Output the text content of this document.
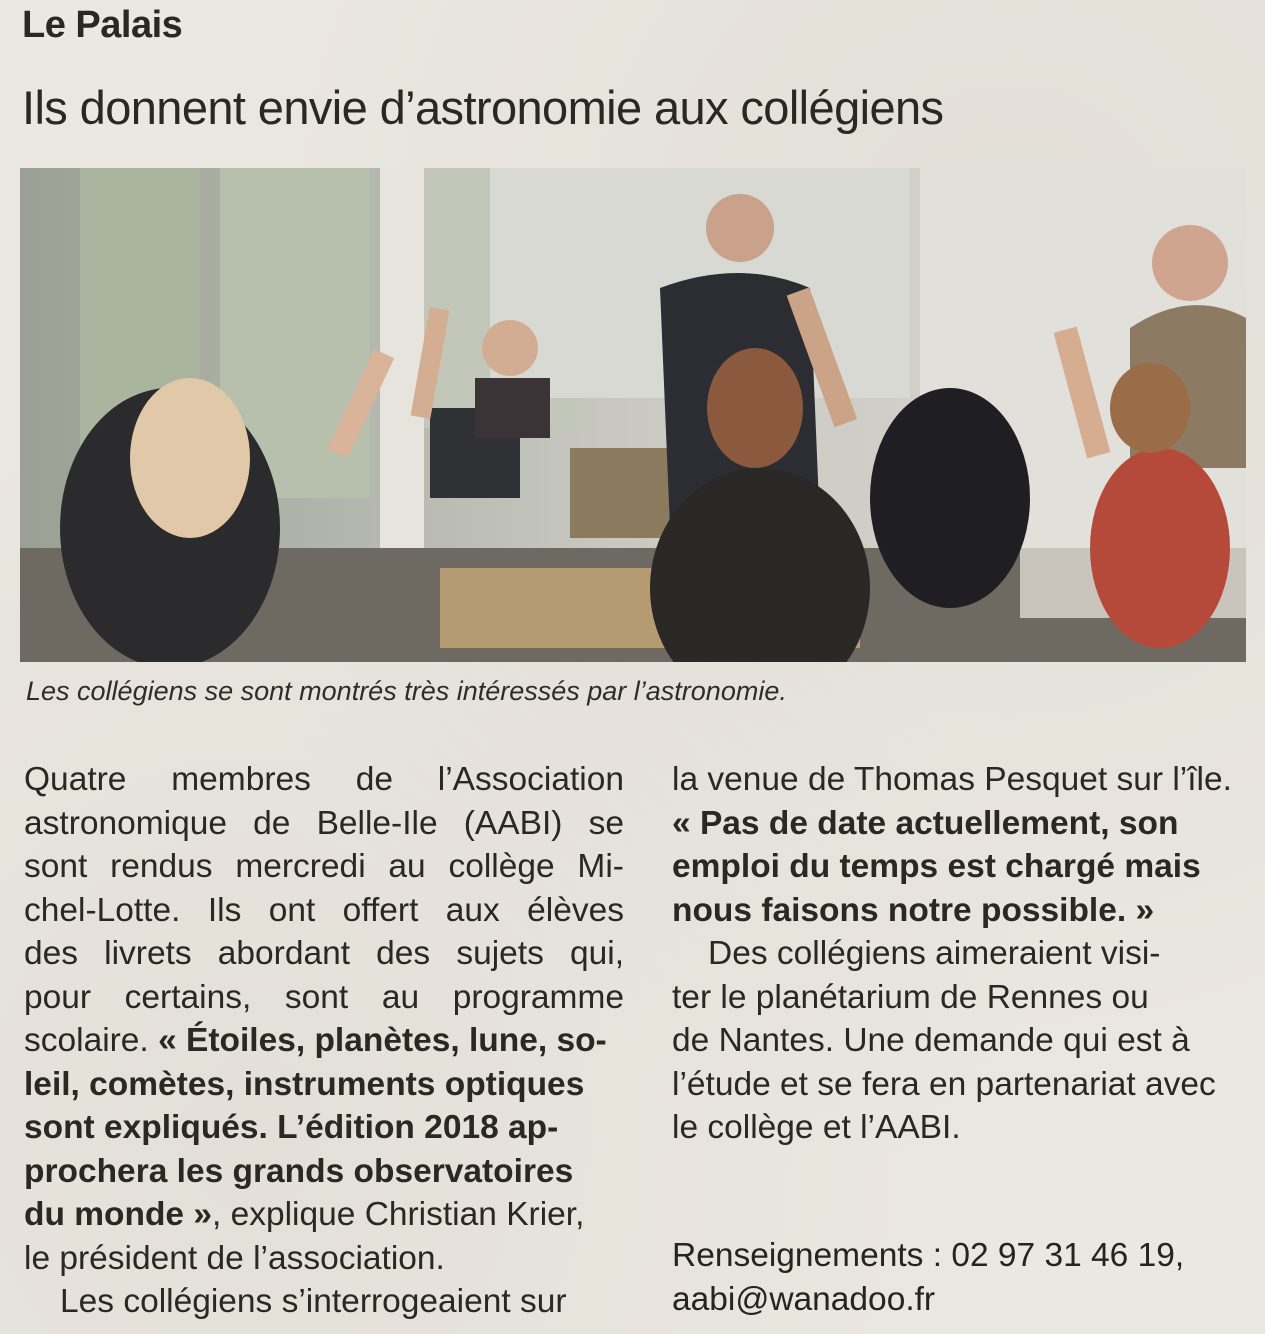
Le Palais
Ils donnent envie d’astronomie aux collégiens
Les collégiens se sont montrés très intéressés par l’astronomie.
Quatre membres de l’Association
astronomique de Belle-Ile (AABI) se
sont rendus mercredi au collège Mi-
chel-Lotte. Ils ont offert aux élèves
des livrets abordant des sujets qui,
pour certains, sont au programme
scolaire. « Étoiles, planètes, lune, so-
leil, comètes, instruments optiques
sont expliqués. L’édition 2018 ap-
prochera les grands observatoires
du monde », explique Christian Krier,
le président de l’association.
Les collégiens s’interrogeaient sur
la venue de Thomas Pesquet sur l’île.
« Pas de date actuellement, son
emploi du temps est chargé mais
nous faisons notre possible. »
Des collégiens aimeraient visi-
ter le planétarium de Rennes ou
de Nantes. Une demande qui est à
l’étude et se fera en partenariat avec
le collège et l’AABI.
Renseignements : 02 97 31 46 19,
aabi@wanadoo.fr
